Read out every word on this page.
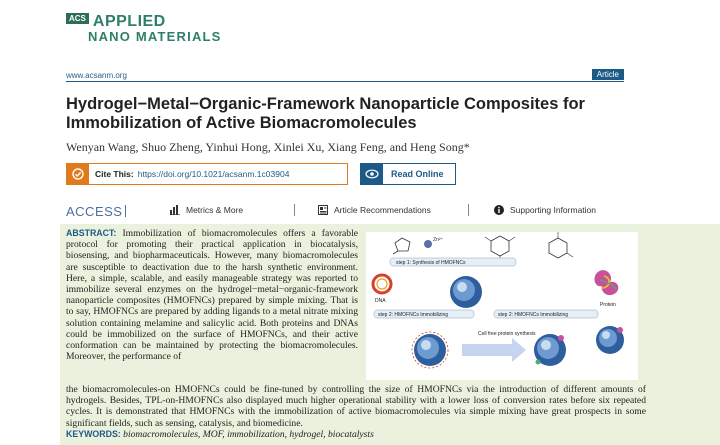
ACS APPLIED
NANO MATERIALS
www.acsanm.org	Article
Hydrogel−Metal−Organic-Framework Nanoparticle Composites for Immobilization of Active Biomacromolecules
Wenyan Wang, Shuo Zheng, Yinhui Hong, Xinlei Xu, Xiang Feng, and Heng Song*
Cite This: https://doi.org/10.1021/acsanm.1c03904	Read Online
ACCESS	Metrics & More	Article Recommendations	Supporting Information

ABSTRACT: Immobilization of biomacromolecules offers a favorable protocol for promoting their practical application in biocatalysis, biosensing, and biopharmaceuticals. However, many biomacromolecules are susceptible to deactivation due to the harsh synthetic environment. Here, a simple, scalable, and easily manageable strategy was reported to immobilize several enzymes on the hydrogel−metal−organic-framework nanoparticle composites (HMOFNCs) prepared by simple mixing. That is to say, HMOFNCs are prepared by adding ligands to a metal nitrate mixing solution containing melamine and salicylic acid. Both proteins and DNAs could be immobilized on the surface of HMOFNCs, and their active conformation can be maintained by protecting the biomacromolecules. Moreover, the performance of

the biomacromolecules-on HMOFNCs could be fine-tuned by controlling the size of HMOFNCs via the introduction of different amounts of hydrogels. Besides, TPL-on-HMOFNCs also displayed much higher operational stability with a lower loss of conversion rates before six repeated cycles. It is demonstrated that HMOFNCs with the immobilization of active biomacromolecules via simple mixing have great prospects in some significant fields, such as sensing, catalysis, and biomedicine.

KEYWORDS: biomacromolecules, MOF, immobilization, hydrogel, biocatalysts

Zn²⁺
step 1: Synthesis of HMOFNCs
DNA
Protein
step 2: HMOFNCs Immobilizing	step 2: HMOFNCs Immobilizing
Cell free protein synthesis
